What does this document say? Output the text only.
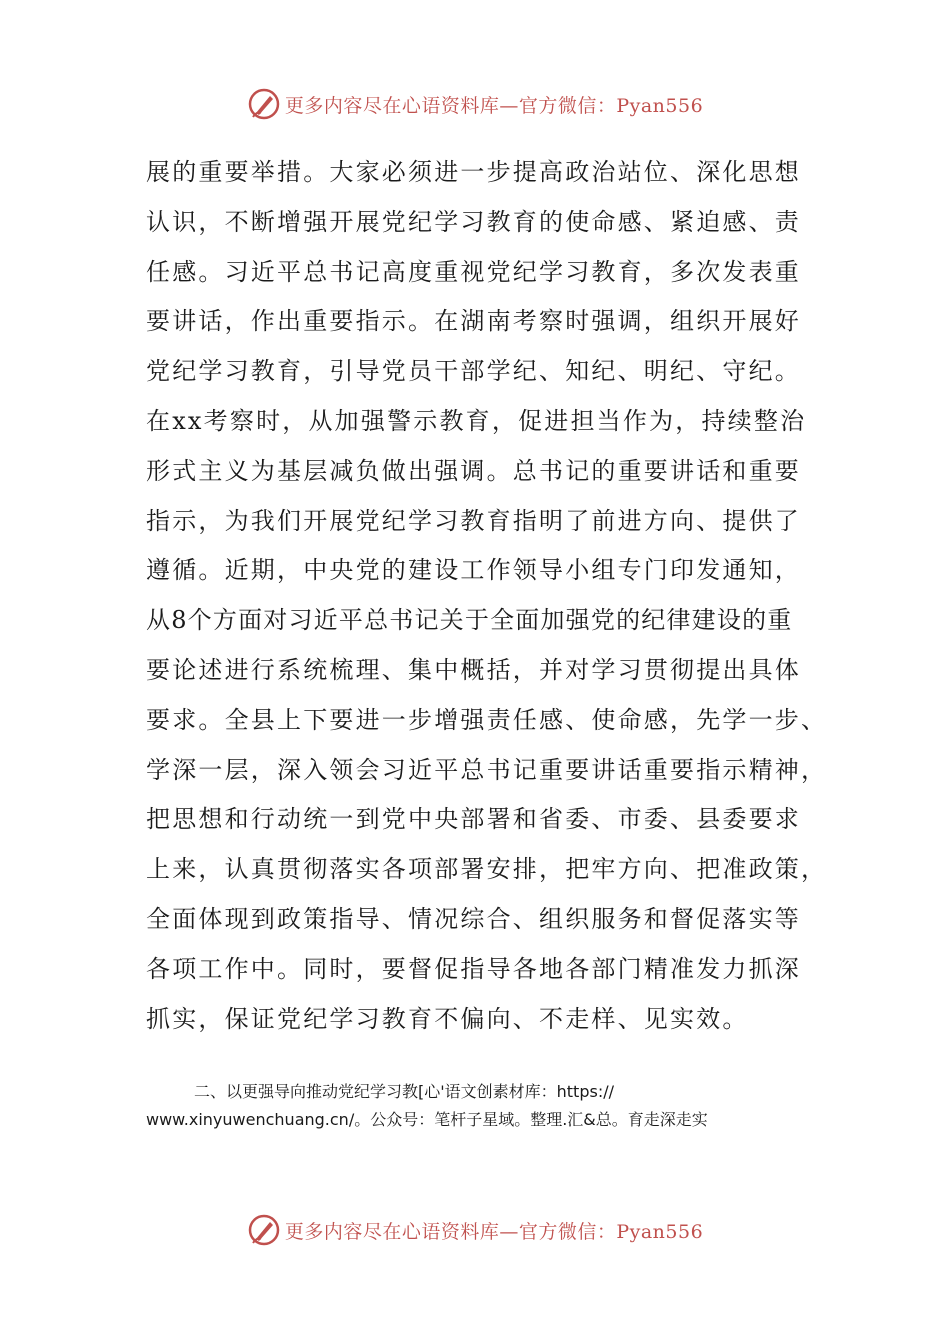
更多内容尽在心语资料库—官方微信：Pyan556
展的重要举措。大家必须进一步提高政治站位、深化思想
认识，不断增强开展党纪学习教育的使命感、紧迫感、责
任感。习近平总书记高度重视党纪学习教育，多次发表重
要讲话，作出重要指示。在湖南考察时强调，组织开展好
党纪学习教育，引导党员干部学纪、知纪、明纪、守纪。
在xx考察时，从加强警示教育，促进担当作为，持续整治
形式主义为基层减负做出强调。总书记的重要讲话和重要
指示，为我们开展党纪学习教育指明了前进方向、提供了
遵循。近期，中央党的建设工作领导小组专门印发通知，
从8个方面对习近平总书记关于全面加强党的纪律建设的重
要论述进行系统梳理、集中概括，并对学习贯彻提出具体
要求。全县上下要进一步增强责任感、使命感，先学一步、
学深一层，深入领会习近平总书记重要讲话重要指示精神，
把思想和行动统一到党中央部署和省委、市委、县委要求
上来，认真贯彻落实各项部署安排，把牢方向、把准政策，
全面体现到政策指导、情况综合、组织服务和督促落实等
各项工作中。同时，要督促指导各地各部门精准发力抓深
抓实，保证党纪学习教育不偏向、不走样、见实效。
二、以更强导向推动党纪学习教[心'语文创素材库：https://
www.xinyuwenchuang.cn/。公众号：笔杆子星域。整理.汇&总。育走深走实
更多内容尽在心语资料库—官方微信：Pyan556
